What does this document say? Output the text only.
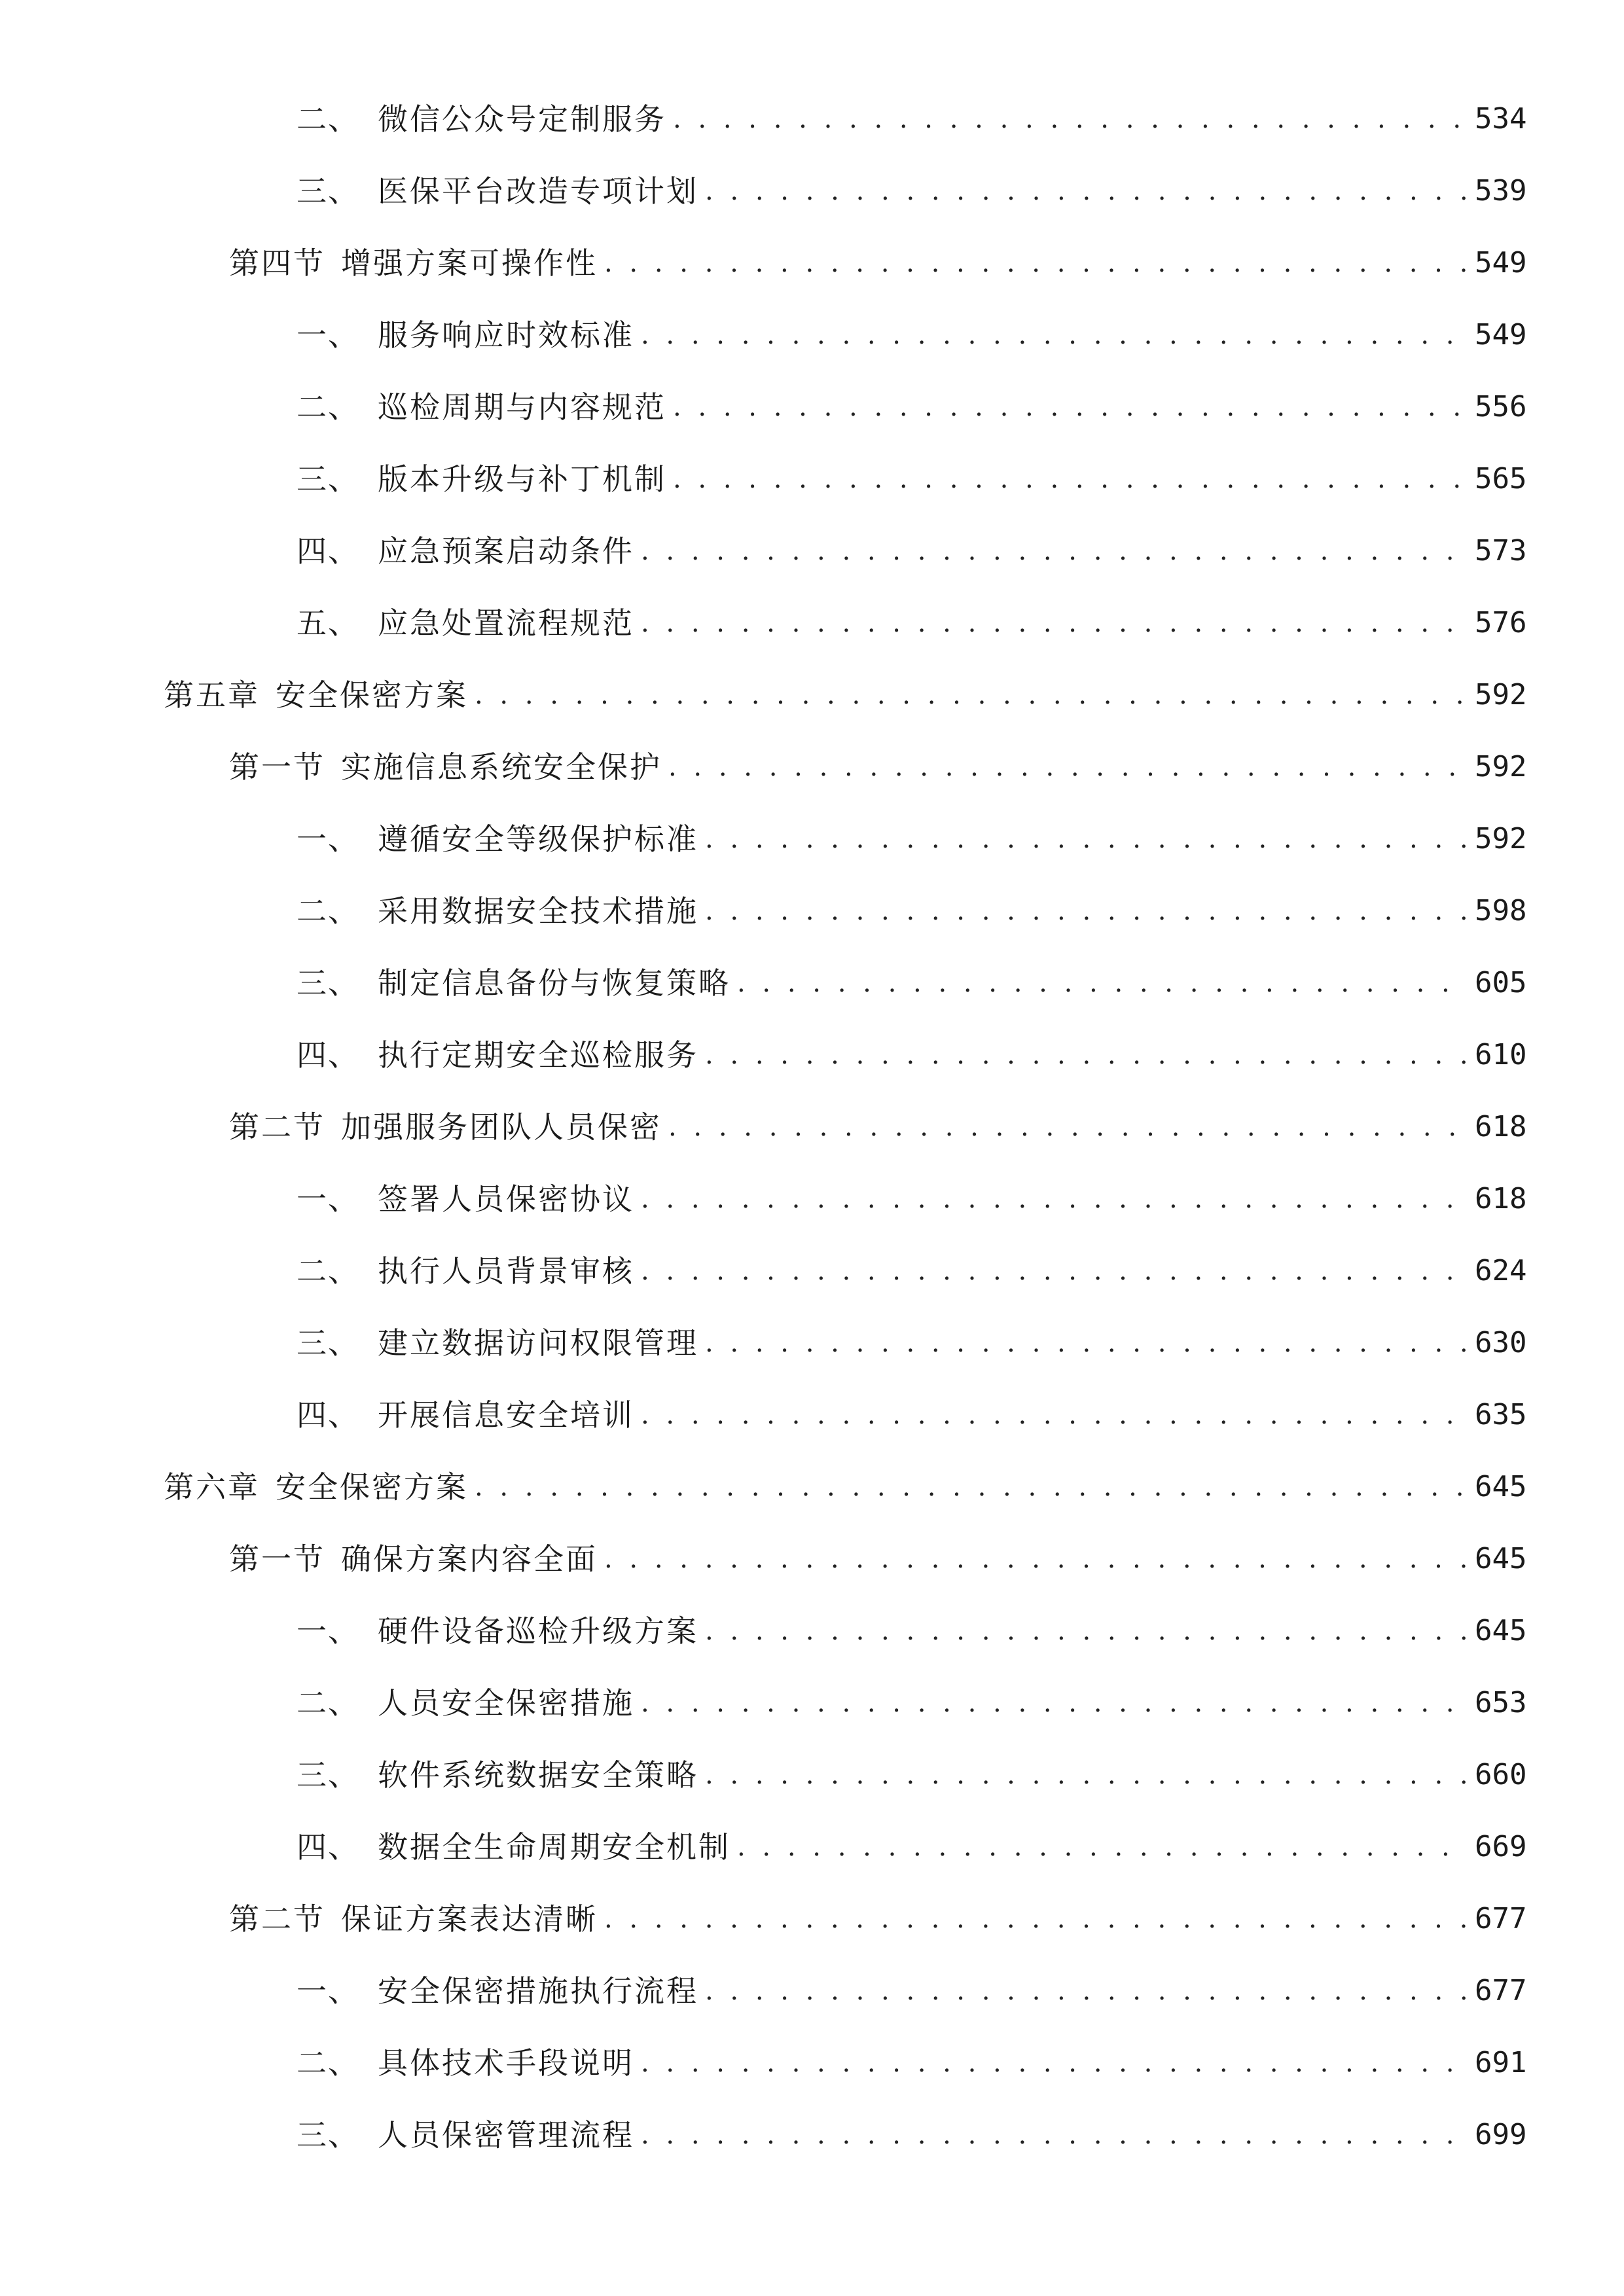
二、 微信公众号定制服务 . . .	534
三、 医保平台改造专项计划 . . .	539
第四节 增强方案可操作性 . . .	549
一、 服务响应时效标准 . . .	549
二、 巡检周期与内容规范 . . .	556
三、 版本升级与补丁机制 . . .	565
四、 应急预案启动条件 . . .	573
五、 应急处置流程规范 . . .	576
第五章 安全保密方案 . . .	592
第一节 实施信息系统安全保护 . . .	592
一、 遵循安全等级保护标准 . . .	592
二、 采用数据安全技术措施 . . .	598
三、 制定信息备份与恢复策略 . . .	605
四、 执行定期安全巡检服务 . . .	610
第二节 加强服务团队人员保密 . . .	618
一、 签署人员保密协议 . . .	618
二、 执行人员背景审核 . . .	624
三、 建立数据访问权限管理 . . .	630
四、 开展信息安全培训 . . .	635
第六章 安全保密方案 . . .	645
第一节 确保方案内容全面 . . .	645
一、 硬件设备巡检升级方案 . . .	645
二、 人员安全保密措施 . . .	653
三、 软件系统数据安全策略 . . .	660
四、 数据全生命周期安全机制 . . .	669
第二节 保证方案表达清晰 . . .	677
一、 安全保密措施执行流程 . . .	677
二、 具体技术手段说明 . . .	691
三、 人员保密管理流程 . . .	699
